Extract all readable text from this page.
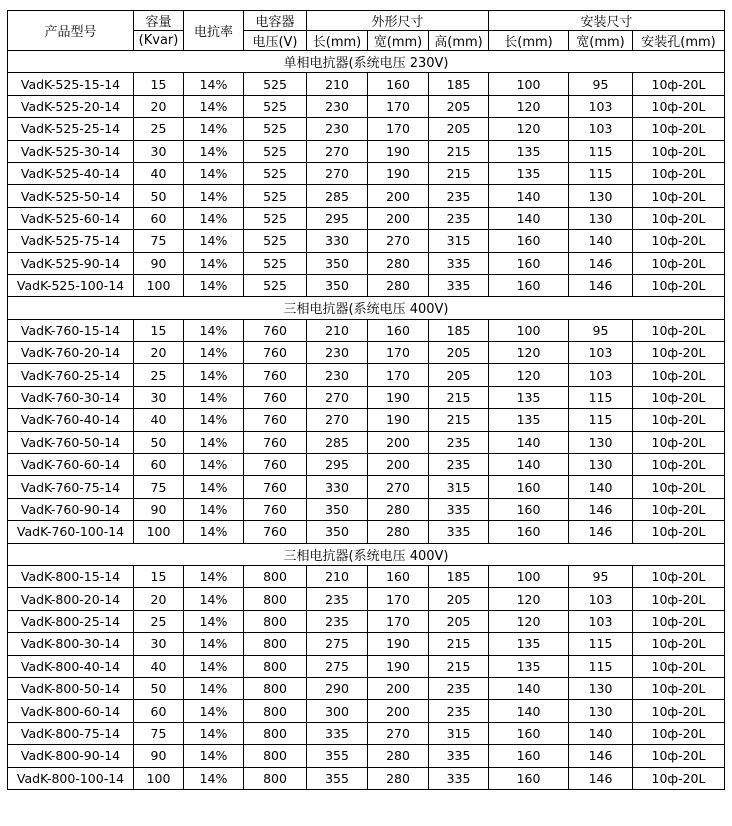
产品型号	容量	电抗率	电容器	外形尺寸			安装尺寸		
	(Kvar)		电压(V)	长(mm)	宽(mm)	高(mm)	长(mm)	宽(mm)	安装孔(mm)
单相电抗器(系统电压 230V)									
VadK-525-15-14	15	14%	525	210	160	185	100	95	10ф-20L
VadK-525-20-14	20	14%	525	230	170	205	120	103	10ф-20L
VadK-525-25-14	25	14%	525	230	170	205	120	103	10ф-20L
VadK-525-30-14	30	14%	525	270	190	215	135	115	10ф-20L
VadK-525-40-14	40	14%	525	270	190	215	135	115	10ф-20L
VadK-525-50-14	50	14%	525	285	200	235	140	130	10ф-20L
VadK-525-60-14	60	14%	525	295	200	235	140	130	10ф-20L
VadK-525-75-14	75	14%	525	330	270	315	160	140	10ф-20L
VadK-525-90-14	90	14%	525	350	280	335	160	146	10ф-20L
VadK-525-100-14	100	14%	525	350	280	335	160	146	10ф-20L
三相电抗器(系统电压 400V)									
VadK-760-15-14	15	14%	760	210	160	185	100	95	10ф-20L
VadK-760-20-14	20	14%	760	230	170	205	120	103	10ф-20L
VadK-760-25-14	25	14%	760	230	170	205	120	103	10ф-20L
VadK-760-30-14	30	14%	760	270	190	215	135	115	10ф-20L
VadK-760-40-14	40	14%	760	270	190	215	135	115	10ф-20L
VadK-760-50-14	50	14%	760	285	200	235	140	130	10ф-20L
VadK-760-60-14	60	14%	760	295	200	235	140	130	10ф-20L
VadK-760-75-14	75	14%	760	330	270	315	160	140	10ф-20L
VadK-760-90-14	90	14%	760	350	280	335	160	146	10ф-20L
VadK-760-100-14	100	14%	760	350	280	335	160	146	10ф-20L
三相电抗器(系统电压 400V)									
VadK-800-15-14	15	14%	800	210	160	185	100	95	10ф-20L
VadK-800-20-14	20	14%	800	235	170	205	120	103	10ф-20L
VadK-800-25-14	25	14%	800	235	170	205	120	103	10ф-20L
VadK-800-30-14	30	14%	800	275	190	215	135	115	10ф-20L
VadK-800-40-14	40	14%	800	275	190	215	135	115	10ф-20L
VadK-800-50-14	50	14%	800	290	200	235	140	130	10ф-20L
VadK-800-60-14	60	14%	800	300	200	235	140	130	10ф-20L
VadK-800-75-14	75	14%	800	335	270	315	160	140	10ф-20L
VadK-800-90-14	90	14%	800	355	280	335	160	146	10ф-20L
VadK-800-100-14	100	14%	800	355	280	335	160	146	10ф-20L
